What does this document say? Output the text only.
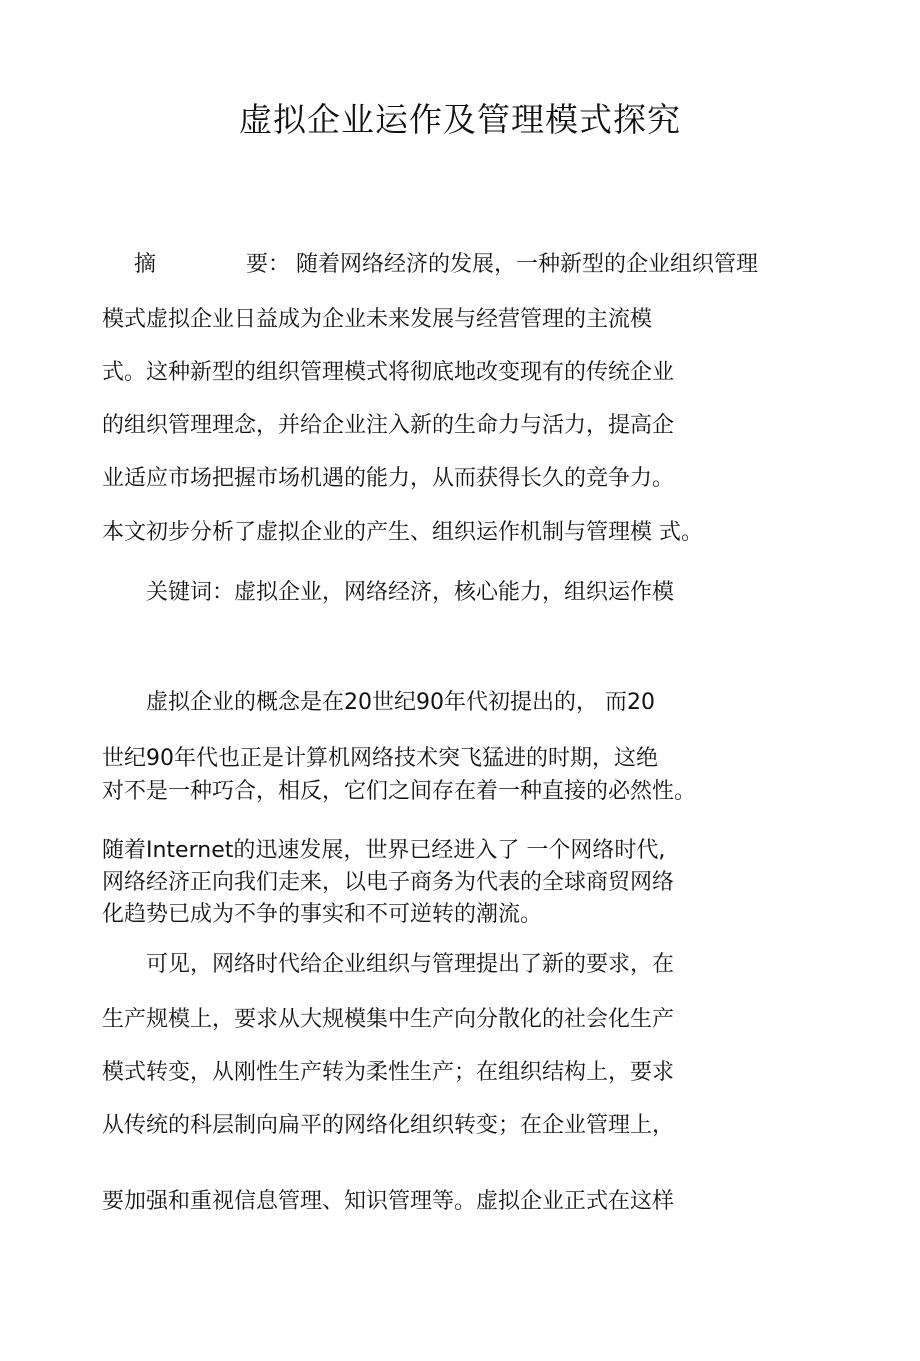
虚拟企业运作及管理模式探究
摘	要： 随着网络经济的发展，一种新型的企业组织管理
模式虚拟企业日益成为企业未来发展与经营管理的主流模
式。这种新型的组织管理模式将彻底地改变现有的传统企业
的组织管理理念，并给企业注入新的生命力与活力，提高企
业适应市场把握市场机遇的能力，从而获得长久的竞争力。
本文初步分析了虚拟企业的产生、组织运作机制与管理模 式。
关键词：虚拟企业，网络经济，核心能力，组织运作模
虚拟企业的概念是在20世纪90年代初提出的， 而20
世纪90年代也正是计算机网络技术突飞猛进的时期，这绝
对不是一种巧合，相反，它们之间存在着一种直接的必然性。
随着Internet的迅速发展，世界已经进入了 一个网络时代,
网络经济正向我们走来，以电子商务为代表的全球商贸网络
化趋势已成为不争的事实和不可逆转的潮流。
可见，网络时代给企业组织与管理提出了新的要求，在
生产规模上，要求从大规模集中生产向分散化的社会化生产
模式转变，从刚性生产转为柔性生产；在组织结构上，要求
从传统的科层制向扁平的网络化组织转变；在企业管理上，
要加强和重视信息管理、知识管理等。虚拟企业正式在这样
